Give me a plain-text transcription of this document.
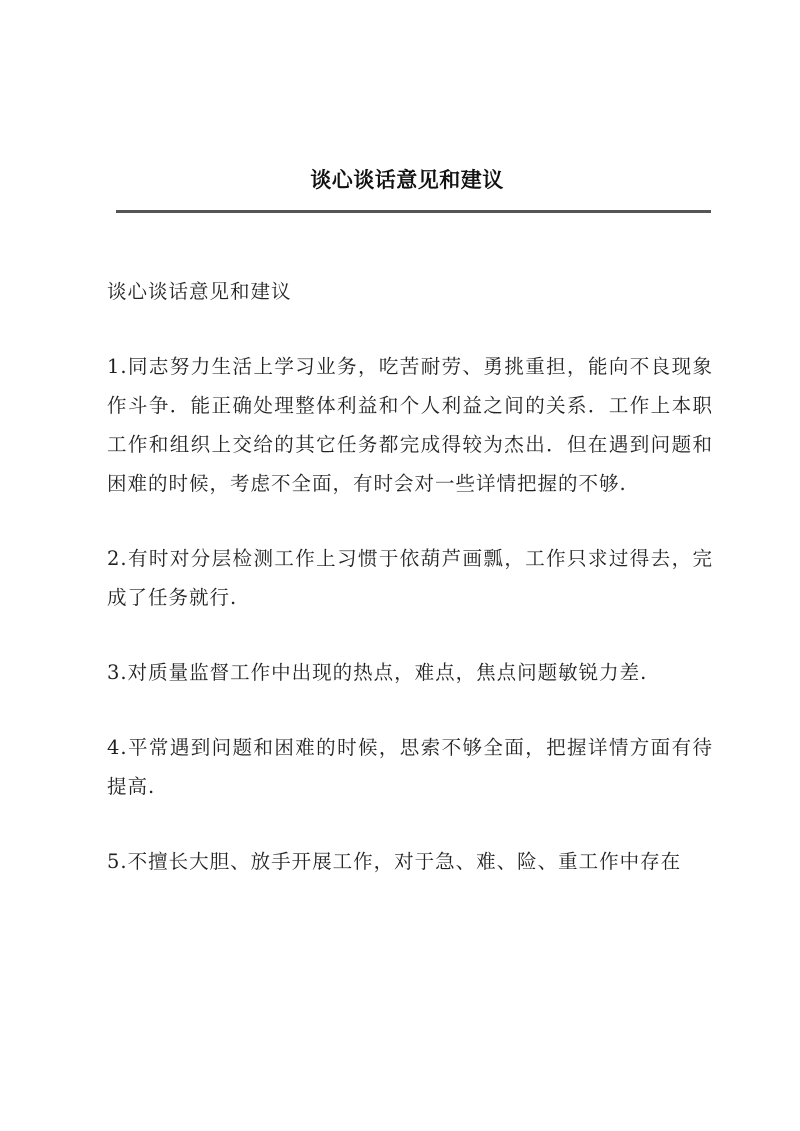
谈心谈话意见和建议

谈心谈话意见和建议

1.同志努力生活上学习业务，吃苦耐劳、勇挑重担，能向不良现象作斗争．能正确处理整体利益和个人利益之间的关系．工作上本职工作和组织上交给的其它任务都完成得较为杰出．但在遇到问题和困难的时候，考虑不全面，有时会对一些详情把握的不够.

2.有时对分层检测工作上习惯于依葫芦画瓢，工作只求过得去，完成了任务就行.

3.对质量监督工作中出现的热点，难点，焦点问题敏锐力差.

4.平常遇到问题和困难的时候，思索不够全面，把握详情方面有待提高.

5.不擅长大胆、放手开展工作，对于急、难、险、重工作中存在
